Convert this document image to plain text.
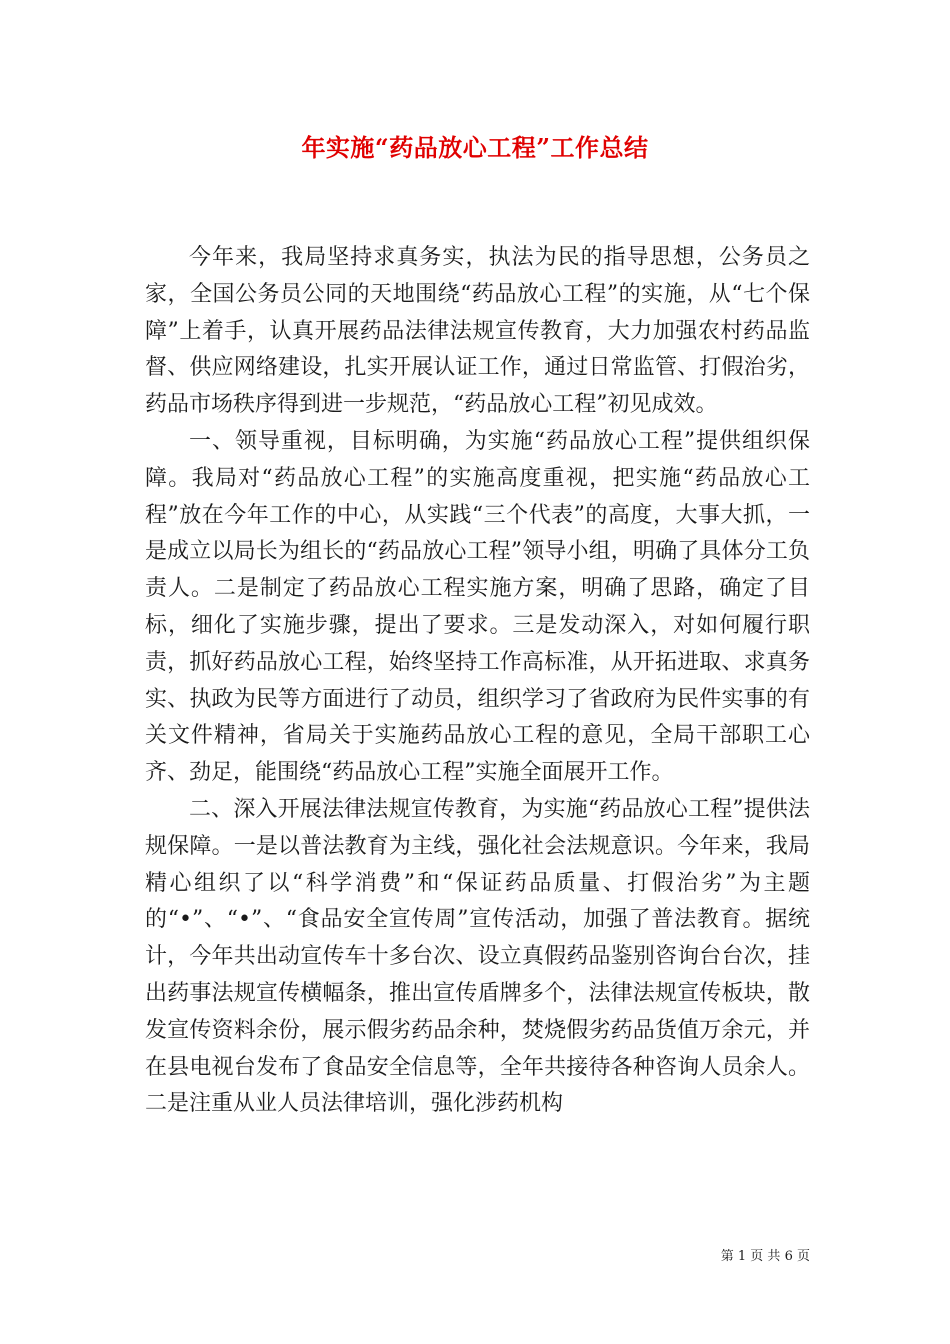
年实施“药品放心工程”工作总结

今年来，我局坚持求真务实，执法为民的指导思想，公务员之家，全国公务员公同的天地围绕“药品放心工程”的实施，从“七个保障”上着手，认真开展药品法律法规宣传教育，大力加强农村药品监督、供应网络建设，扎实开展认证工作，通过日常监管、打假治劣，药品市场秩序得到进一步规范，“药品放心工程”初见成效。

一、领导重视，目标明确，为实施“药品放心工程”提供组织保障。我局对“药品放心工程”的实施高度重视，把实施“药品放心工程”放在今年工作的中心，从实践“三个代表”的高度，大事大抓，一是成立以局长为组长的“药品放心工程”领导小组，明确了具体分工负责人。二是制定了药品放心工程实施方案，明确了思路，确定了目标，细化了实施步骤，提出了要求。三是发动深入，对如何履行职责，抓好药品放心工程，始终坚持工作高标准，从开拓进取、求真务实、执政为民等方面进行了动员，组织学习了省政府为民件实事的有关文件精神，省局关于实施药品放心工程的意见，全局干部职工心齐、劲足，能围绕“药品放心工程”实施全面展开工作。

二、深入开展法律法规宣传教育，为实施“药品放心工程”提供法规保障。一是以普法教育为主线，强化社会法规意识。今年来，我局精心组织了以“科学消费”和“保证药品质量、打假治劣”为主题的“•”、“•”、“食品安全宣传周”宣传活动，加强了普法教育。据统计，今年共出动宣传车十多台次、设立真假药品鉴别咨询台台次，挂出药事法规宣传横幅条，推出宣传盾牌多个，法律法规宣传板块，散发宣传资料余份，展示假劣药品余种，焚烧假劣药品货值万余元，并在县电视台发布了食品安全信息等，全年共接待各种咨询人员余人。二是注重从业人员法律培训，强化涉药机构

第 1 页 共 6 页
